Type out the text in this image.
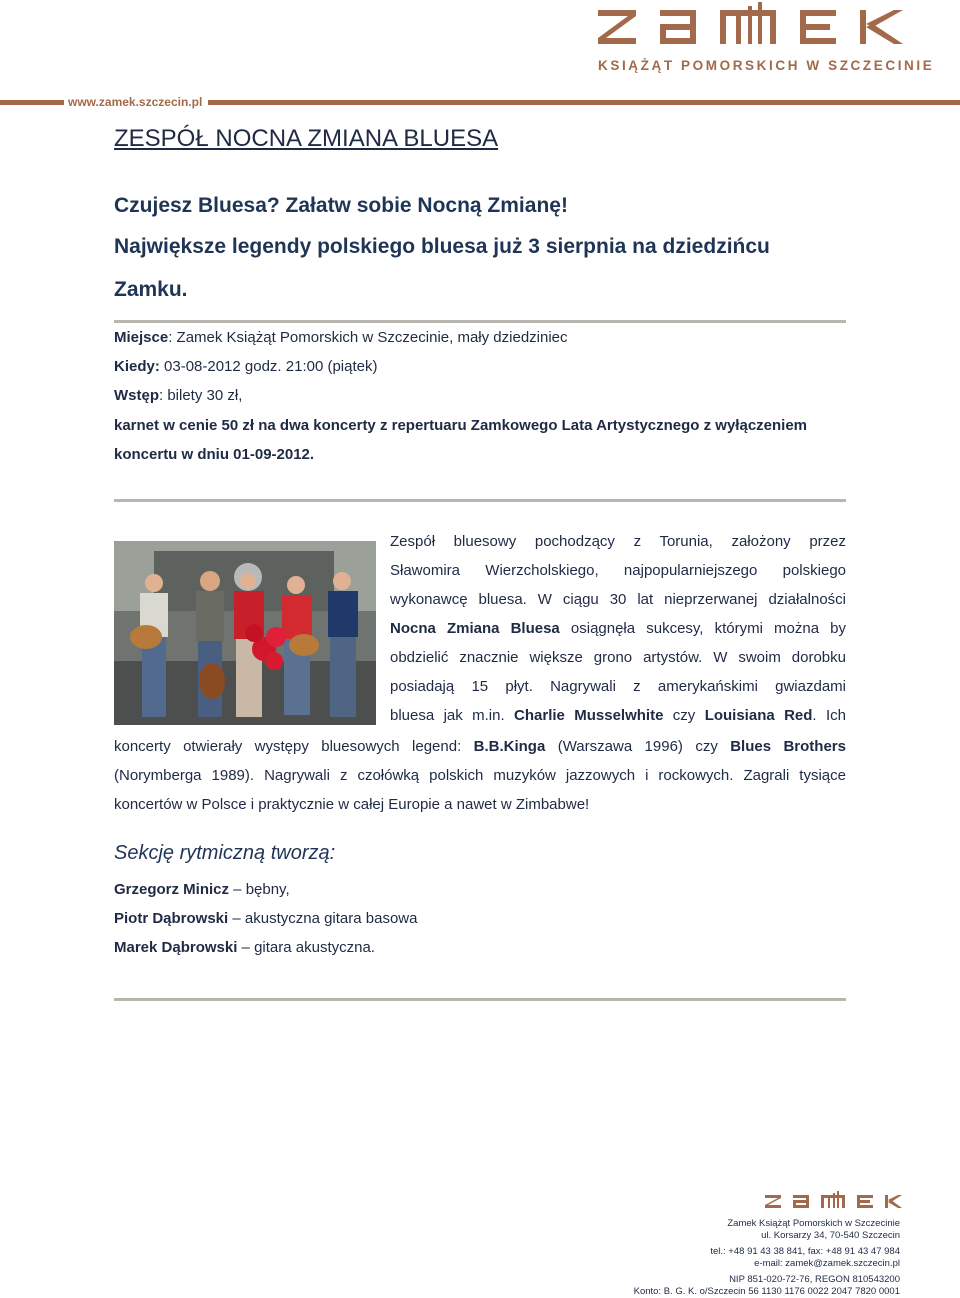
KSIĄŻĄT POMORSKICH W SZCZECINIE
www.zamek.szczecin.pl
ZESPÓŁ NOCNA ZMIANA BLUESA
Czujesz Bluesa? Załatw sobie Nocną Zmianę!
Największe legendy polskiego bluesa już 3 sierpnia na dziedzińcu
Zamku.
Miejsce: Zamek Książąt Pomorskich w Szczecinie, mały dziedziniec
Kiedy: 03-08-2012 godz. 21:00 (piątek)
Wstęp: bilety 30 zł,
karnet w cenie 50 zł na dwa koncerty z repertuaru Zamkowego Lata Artystycznego z wyłączeniem
koncertu w dniu 01-09-2012.
Zespół bluesowy pochodzący z Torunia, założony przez
Sławomira Wierzcholskiego, najpopularniejszego polskiego
wykonawcę bluesa. W ciągu 30 lat nieprzerwanej działalności
Nocna Zmiana Bluesa osiągnęła sukcesy, którymi można by
obdzielić znacznie większe grono artystów. W swoim dorobku
posiadają 15 płyt. Nagrywali z amerykańskimi gwiazdami
bluesa jak m.in. Charlie Musselwhite czy Louisiana Red. Ich
koncerty otwierały występy bluesowych legend: B.B.Kinga (Warszawa 1996) czy Blues Brothers
(Norymberga 1989). Nagrywali z czołówką polskich muzyków jazzowych i rockowych. Zagrali tysiące
koncertów w Polsce i praktycznie w całej Europie a nawet w Zimbabwe!
Sekcję rytmiczną tworzą:
Grzegorz Minicz – bębny,
Piotr Dąbrowski – akustyczna gitara basowa
Marek Dąbrowski – gitara akustyczna.
Zamek Książąt Pomorskich w Szczecinie
ul. Korsarzy 34, 70-540 Szczecin
tel.: +48 91 43 38 841, fax: +48 91 43 47 984
e-mail: zamek@zamek.szczecin.pl
NIP 851-020-72-76, REGON 810543200
Konto: B. G. K. o/Szczecin 56 1130 1176 0022 2047 7820 0001
